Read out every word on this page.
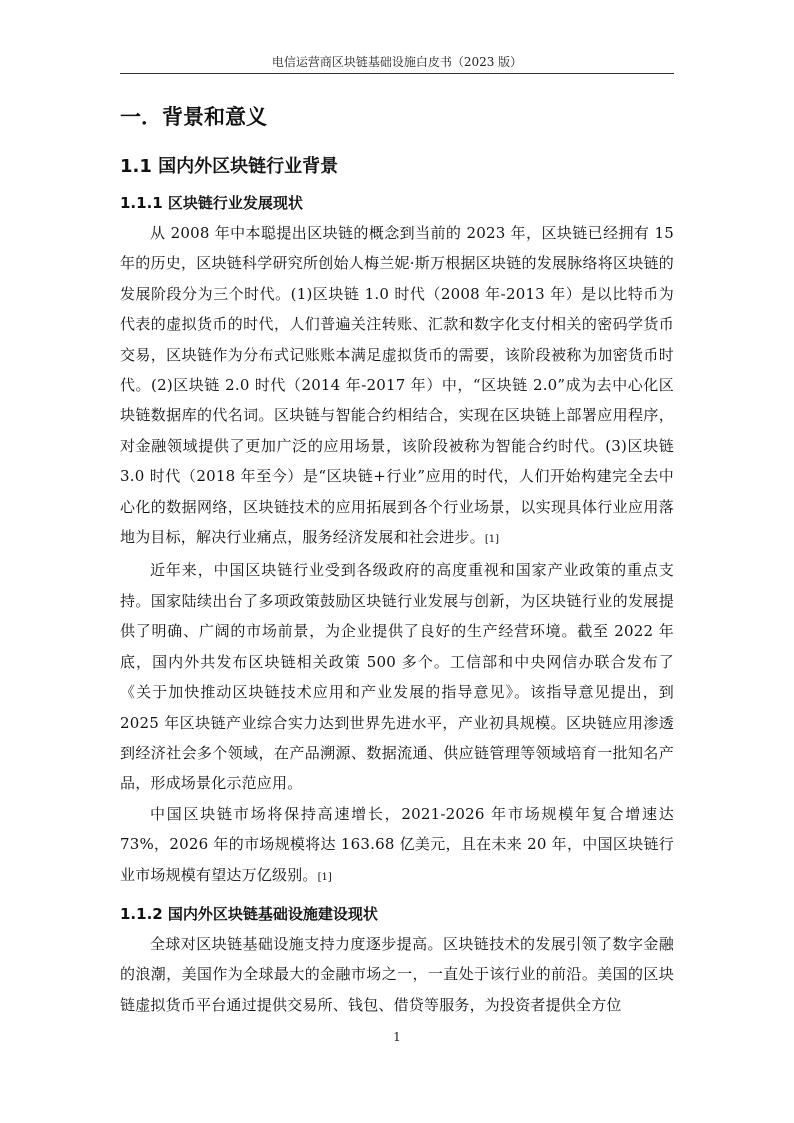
电信运营商区块链基础设施白皮书（2023 版）
一．背景和意义
1.1 国内外区块链行业背景
1.1.1 区块链行业发展现状

从 2008 年中本聪提出区块链的概念到当前的 2023 年，区块链已经拥有 15 年的历史，区块链科学研究所创始人梅兰妮·斯万根据区块链的发展脉络将区块链的发展阶段分为三个时代。(1)区块链 1.0 时代（2008 年-2013 年）是以比特币为代表的虚拟货币的时代，人们普遍关注转账、汇款和数字化支付相关的密码学货币交易，区块链作为分布式记账账本满足虚拟货币的需要，该阶段被称为加密货币时代。(2)区块链 2.0 时代（2014 年-2017 年）中，“区块链 2.0”成为去中心化区块链数据库的代名词。区块链与智能合约相结合，实现在区块链上部署应用程序，对金融领域提供了更加广泛的应用场景，该阶段被称为智能合约时代。(3)区块链 3.0 时代（2018 年至今）是“区块链+行业”应用的时代，人们开始构建完全去中心化的数据网络，区块链技术的应用拓展到各个行业场景，以实现具体行业应用落地为目标，解决行业痛点，服务经济发展和社会进步。[1]

近年来，中国区块链行业受到各级政府的高度重视和国家产业政策的重点支持。国家陆续出台了多项政策鼓励区块链行业发展与创新，为区块链行业的发展提供了明确、广阔的市场前景，为企业提供了良好的生产经营环境。截至 2022 年底，国内外共发布区块链相关政策 500 多个。工信部和中央网信办联合发布了《关于加快推动区块链技术应用和产业发展的指导意见》。该指导意见提出，到 2025 年区块链产业综合实力达到世界先进水平，产业初具规模。区块链应用渗透到经济社会多个领域，在产品溯源、数据流通、供应链管理等领域培育一批知名产品，形成场景化示范应用。

中国区块链市场将保持高速增长，2021-2026 年市场规模年复合增速达 73%，2026 年的市场规模将达 163.68 亿美元，且在未来 20 年，中国区块链行业市场规模有望达万亿级别。[1]

1.1.2 国内外区块链基础设施建设现状

全球对区块链基础设施支持力度逐步提高。区块链技术的发展引领了数字金融的浪潮，美国作为全球最大的金融市场之一，一直处于该行业的前沿。美国的区块链虚拟货币平台通过提供交易所、钱包、借贷等服务，为投资者提供全方位

1
